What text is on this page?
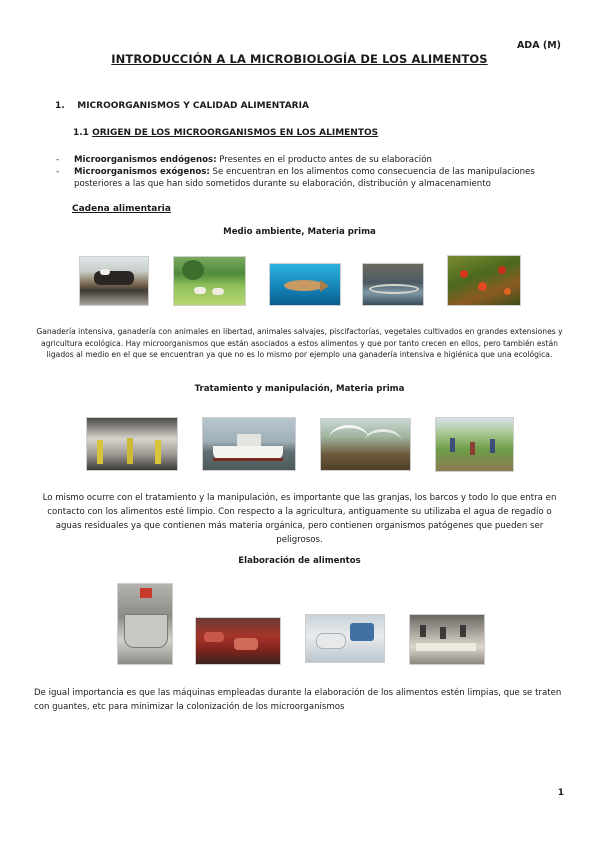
ADA (M)
INTRODUCCIÓN A LA MICROBIOLOGÍA DE LOS ALIMENTOS
1. MICROORGANISMOS Y CALIDAD ALIMENTARIA
1.1 ORIGEN DE LOS MICROORGANISMOS EN LOS ALIMENTOS
-	Microorganismos endógenos: Presentes en el producto antes de su elaboración
-	Microorganismos exógenos: Se encuentran en los alimentos como consecuencia de las manipulaciones posteriores a las que han sido sometidos durante su elaboración, distribución y almacenamiento
Cadena alimentaria
Medio ambiente, Materia prima
Ganadería intensiva, ganadería con animales en libertad, animales salvajes, piscifactorías, vegetales cultivados en grandes extensiones y agricultura ecológica. Hay microorganismos que están asociados a estos alimentos y que por tanto crecen en ellos, pero también están ligados al medio en el que se encuentran ya que no es lo mismo por ejemplo una ganadería intensiva e higiénica que una ecológica.
Tratamiento y manipulación, Materia prima
Lo mismo ocurre con el tratamiento y la manipulación, es importante que las granjas, los barcos y todo lo que entra en contacto con los alimentos esté limpio. Con respecto a la agricultura, antiguamente su utilizaba el agua de regadío o aguas residuales ya que contienen más materia orgánica, pero contienen organismos patógenes que pueden ser peligrosos.
Elaboración de alimentos
De igual importancia es que las máquinas empleadas durante la elaboración de los alimentos estén limpias, que se traten con guantes, etc para minimizar la colonización de los microorganismos
1
